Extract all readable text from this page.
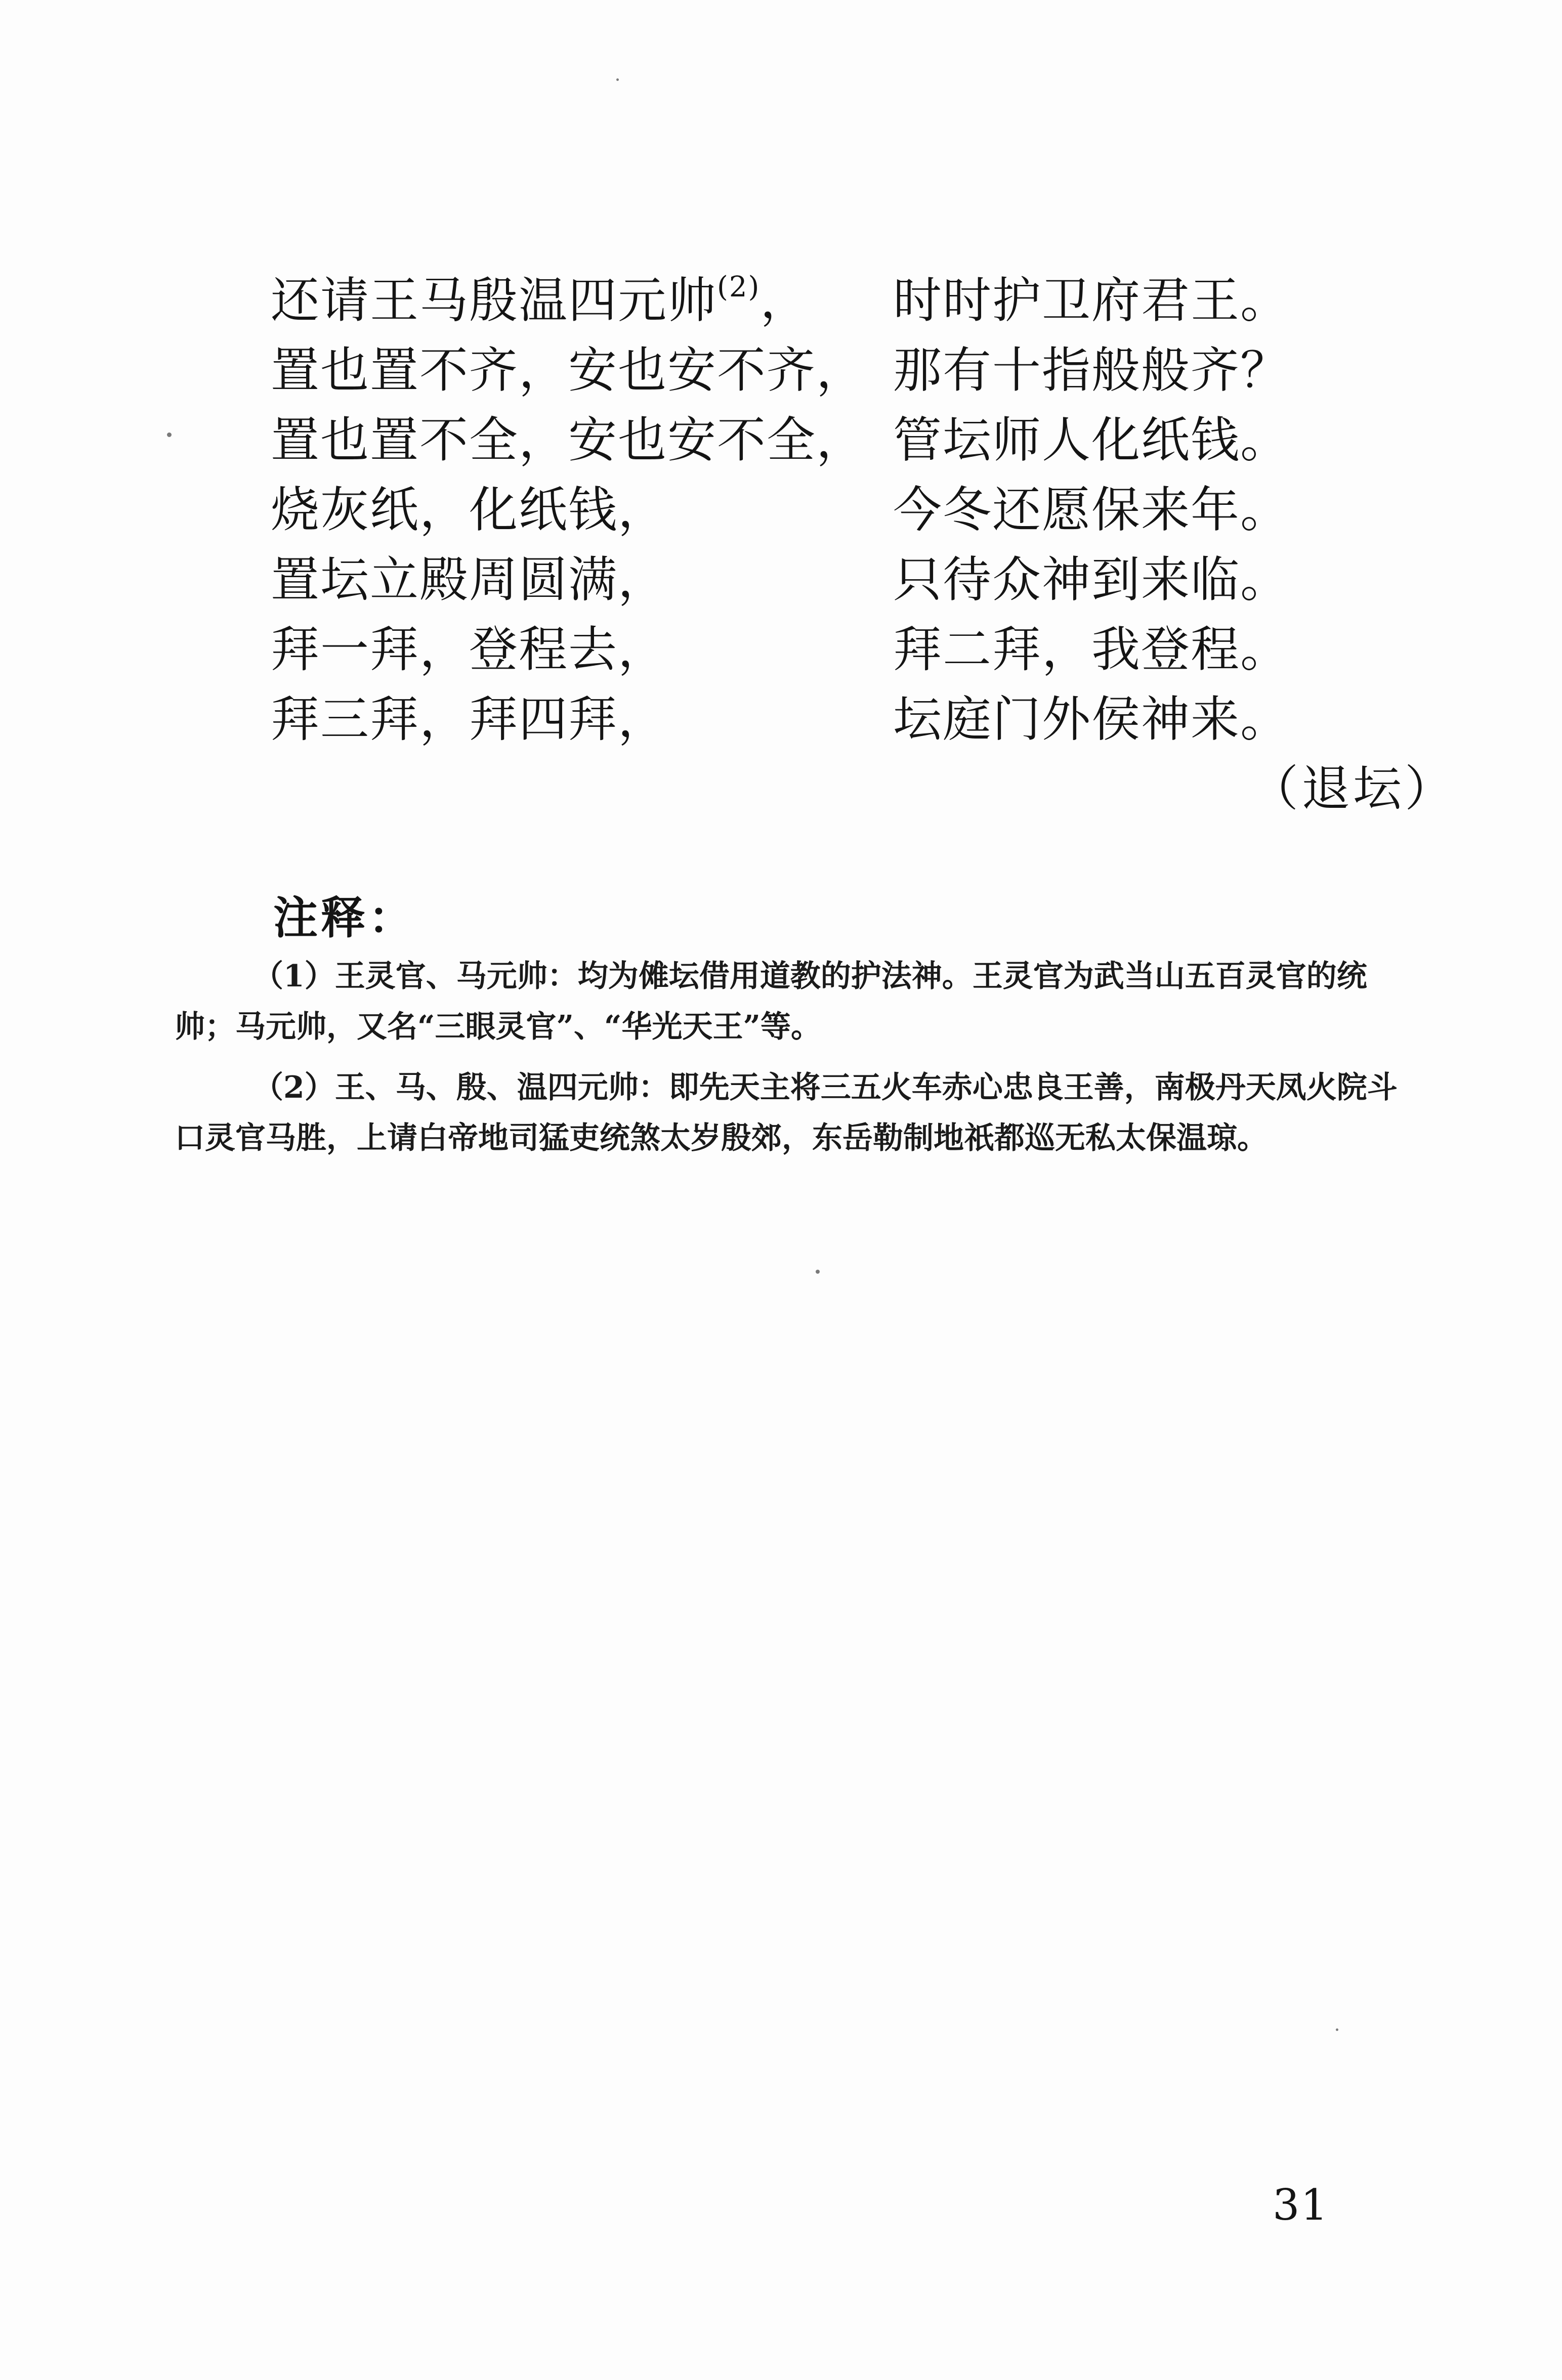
还请王马殷温四元帅$^{(2)}$， 时时护卫府君王。
置也置不齐，安也安不齐， 那有十指般般齐？
置也置不全，安也安不全， 管坛师人化纸钱。
烧灰纸，化纸钱，	今冬还愿保来年。
置坛立殿周圆满，	只待众神到来临。
拜一拜，登程去，	拜二拜，我登程。
拜三拜，拜四拜，	坛庭门外侯神来。
（退坛）
注释：
（1）王灵官、马元帅：均为傩坛借用道教的护法神。王灵官为武当山五百灵官的统
帅；马元帅，又名“三眼灵官”、“华光天王”等。
（2）王、马、殷、温四元帅：即先天主将三五火车赤心忠良王善，南极丹天凤火院斗
口灵官马胜，上请白帝地司猛吏统煞太岁殷郊，东岳勒制地祇都巡无私太保温琼。
31
